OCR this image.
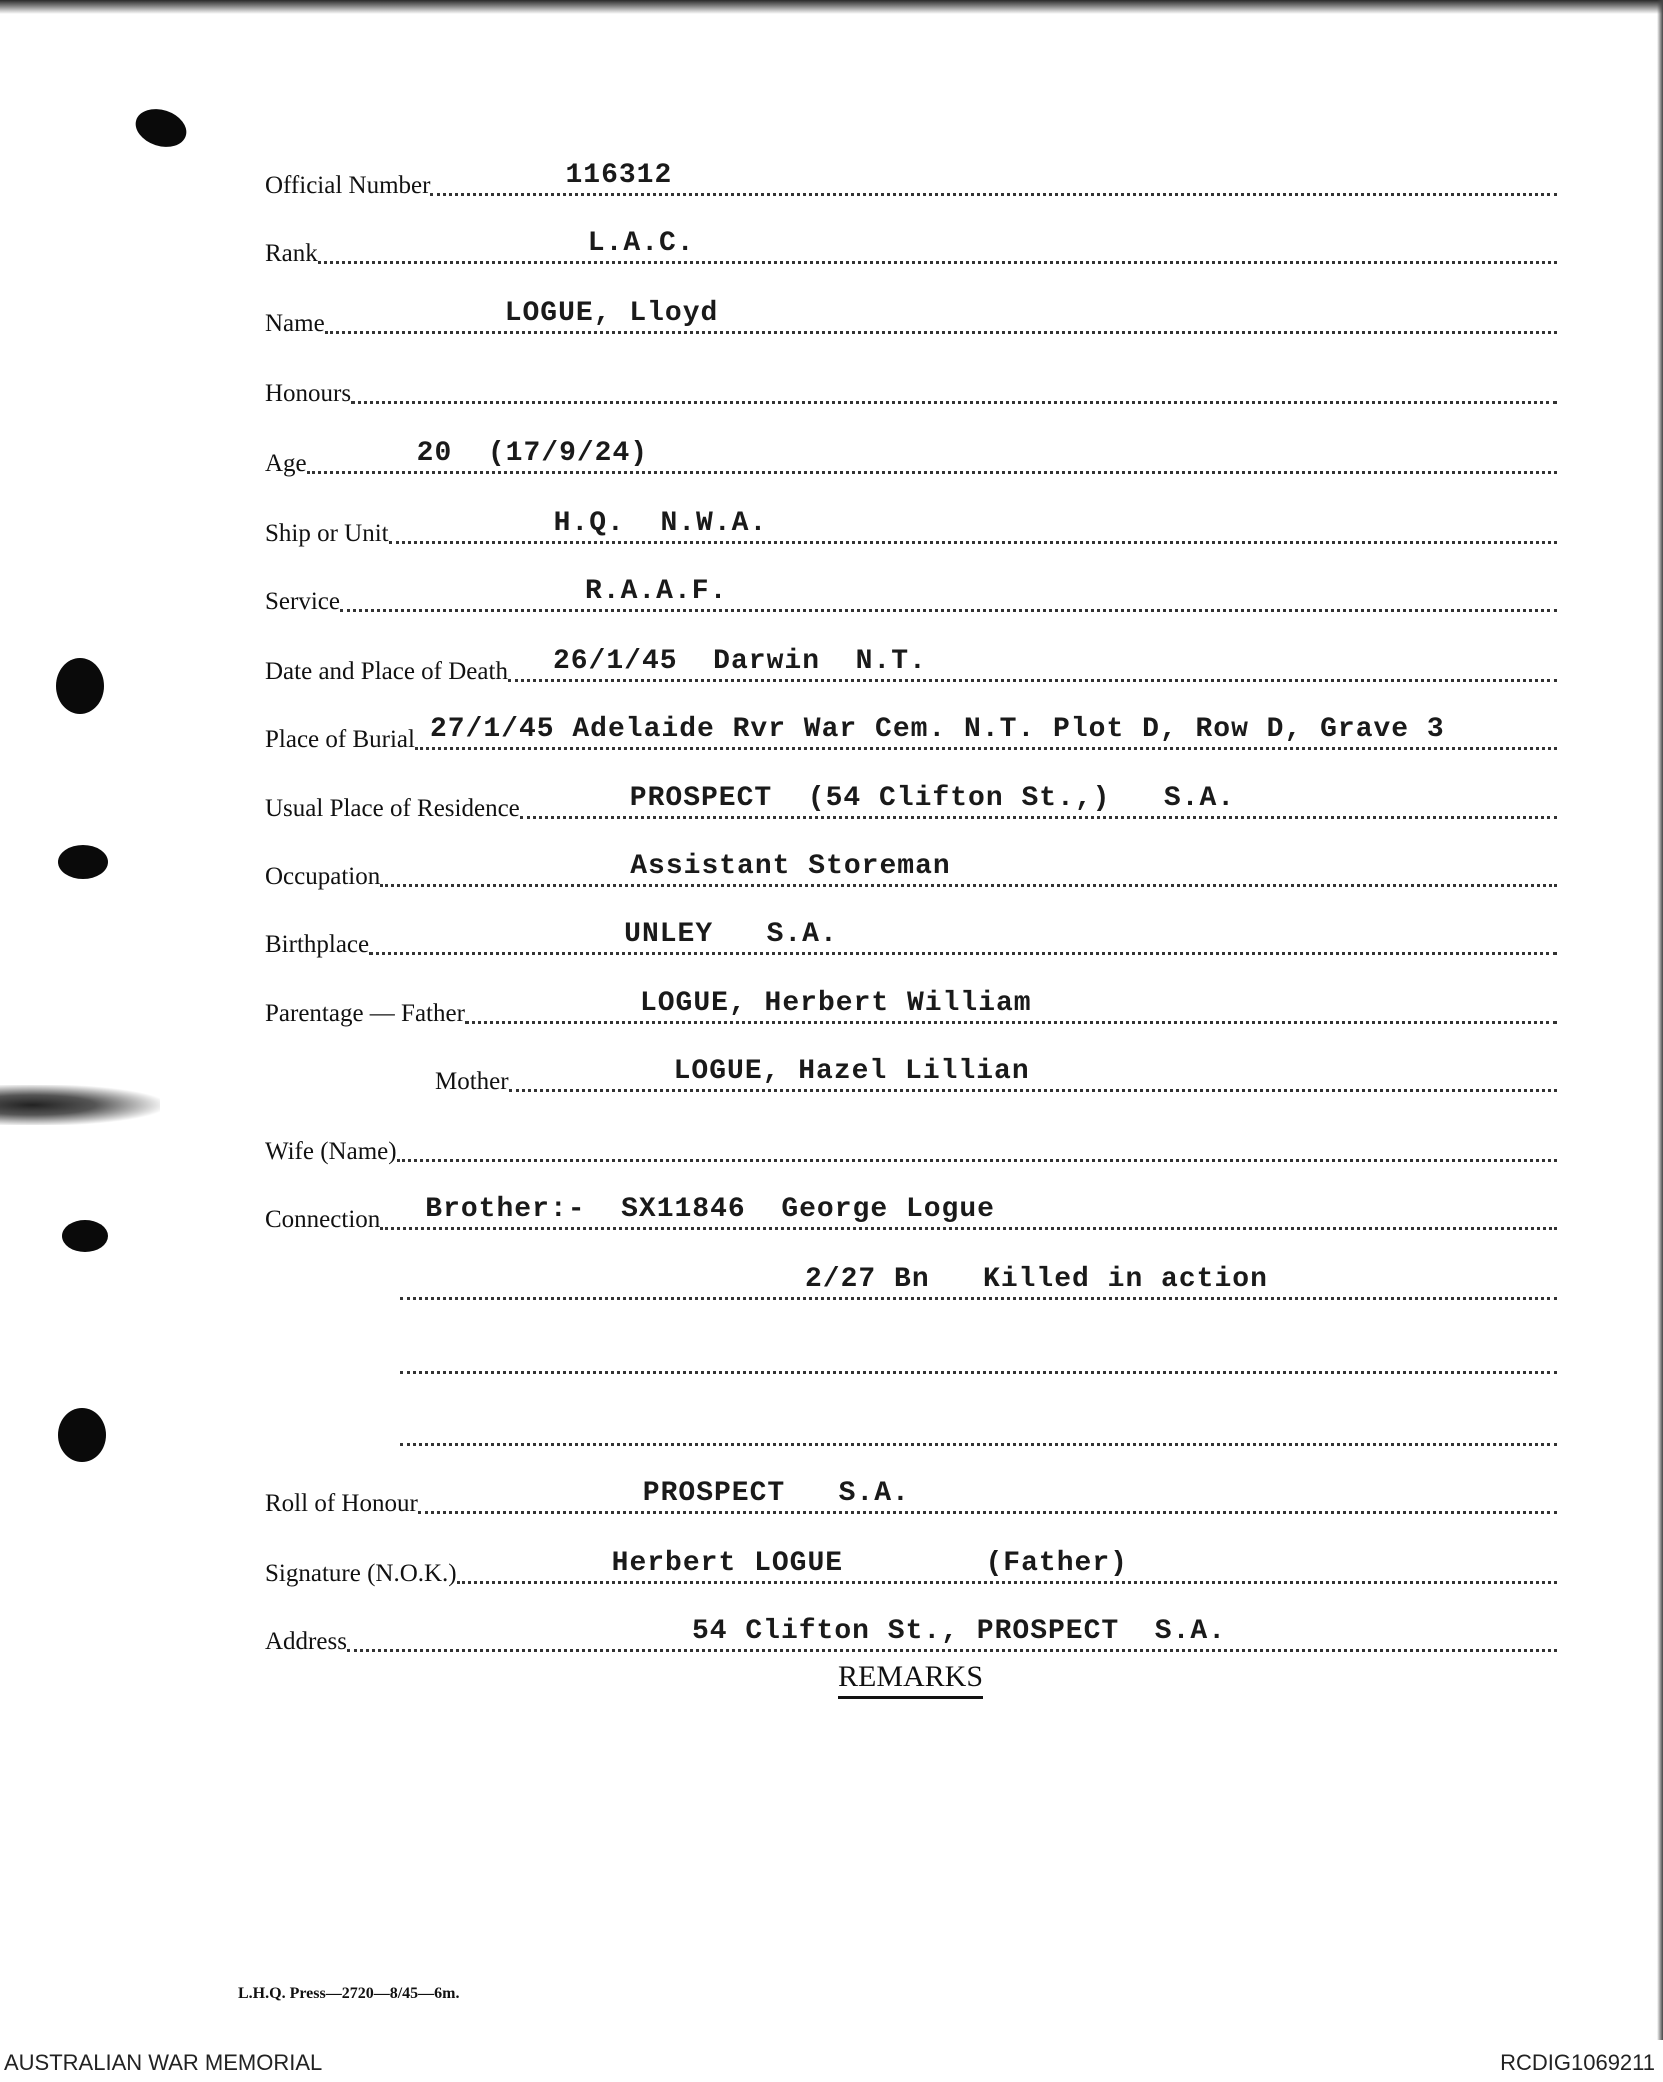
Official Number	116312
Rank	L.A.C.
Name	LOGUE, Lloyd
Honours
Age	20  (17/9/24)
Ship or Unit	H.Q.  N.W.A.
Service	R.A.A.F.
Date and Place of Death 26/1/45  Darwin  N.T.
Place of Burial 27/1/45 Adelaide Rvr War Cem. N.T. Plot D, Row D, Grave 3
Usual Place of Residence	PROSPECT  (54 Clifton St.,)   S.A.
Occupation	Assistant Storeman
Birthplace	UNLEY   S.A.
Parentage — Father	LOGUE, Herbert William
Mother	LOGUE, Hazel Lillian
Wife (Name)
Connection Brother:-  SX11846  George Logue
2/27 Bn   Killed in action
Roll of Honour	PROSPECT   S.A.
Signature (N.O.K.)	Herbert LOGUE        (Father)
Address	54 Clifton St., PROSPECT  S.A.
REMARKS
L.H.Q. Press—2720—8/45—6m.
AUSTRALIAN WAR MEMORIAL	RCDIG1069211
